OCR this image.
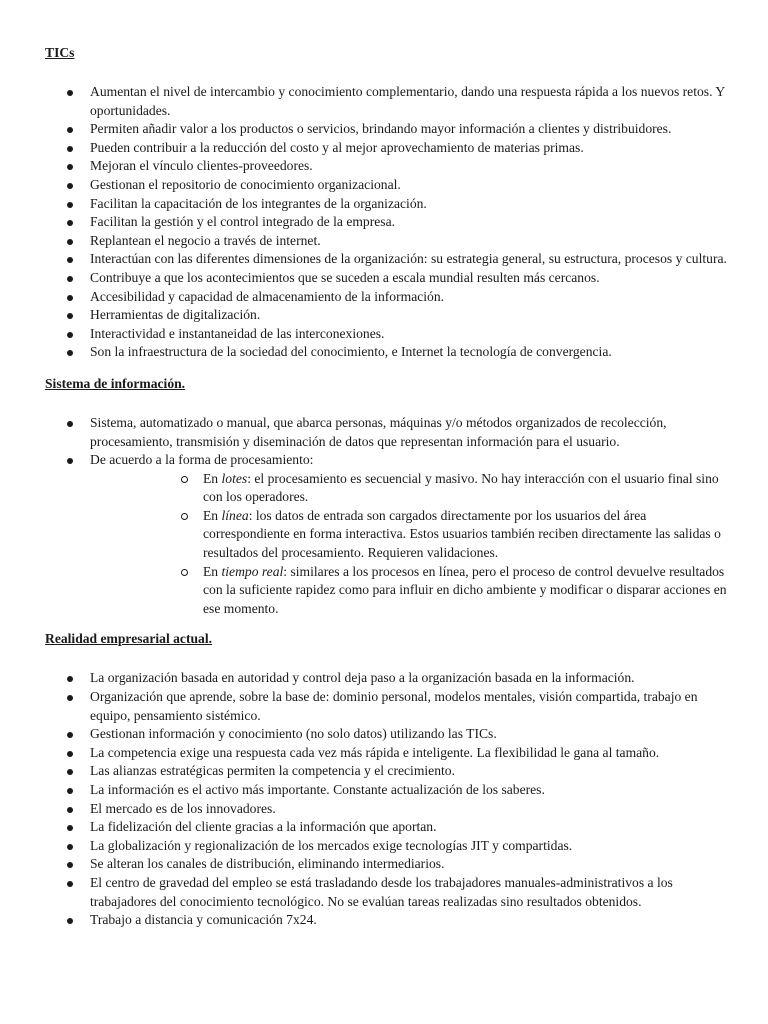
TICs
Aumentan el nivel de intercambio y conocimiento complementario, dando una respuesta rápida a los nuevos retos. Y oportunidades.
Permiten añadir valor a los productos o servicios, brindando mayor información a clientes y distribuidores.
Pueden contribuir a la reducción del costo y al mejor aprovechamiento de materias primas.
Mejoran el vínculo clientes-proveedores.
Gestionan el repositorio de conocimiento organizacional.
Facilitan la capacitación de los integrantes de la organización.
Facilitan la gestión y el control integrado de la empresa.
Replantean el negocio a través de internet.
Interactúan con las diferentes dimensiones de la organización: su estrategia general, su estructura, procesos y cultura.
Contribuye a que los acontecimientos que se suceden a escala mundial resulten más cercanos.
Accesibilidad y capacidad de almacenamiento de la información.
Herramientas de digitalización.
Interactividad e instantaneidad de las interconexiones.
Son la infraestructura de la sociedad del conocimiento, e Internet la tecnología de convergencia.
Sistema de información.
Sistema, automatizado o manual, que abarca personas, máquinas y/o métodos organizados de recolección, procesamiento, transmisión y diseminación de datos que representan información para el usuario.
De acuerdo a la forma de procesamiento:
En lotes: el procesamiento es secuencial y masivo. No hay interacción con el usuario final sino con los operadores.
En línea: los datos de entrada son cargados directamente por los usuarios del área correspondiente en forma interactiva. Estos usuarios también reciben directamente las salidas o resultados del procesamiento. Requieren validaciones.
En tiempo real: similares a los procesos en línea, pero el proceso de control devuelve resultados con la suficiente rapidez como para influir en dicho ambiente y modificar o disparar acciones en ese momento.
Realidad empresarial actual.
La organización basada en autoridad y control deja paso a la organización basada en la información.
Organización que aprende, sobre la base de: dominio personal, modelos mentales, visión compartida, trabajo en equipo, pensamiento sistémico.
Gestionan información y conocimiento (no solo datos) utilizando las TICs.
La competencia exige una respuesta cada vez más rápida e inteligente. La flexibilidad le gana al tamaño.
Las alianzas estratégicas permiten la competencia y el crecimiento.
La información es el activo más importante. Constante actualización de los saberes.
El mercado es de los innovadores.
La fidelización del cliente gracias a la información que aportan.
La globalización y regionalización de los mercados exige tecnologías JIT y compartidas.
Se alteran los canales de distribución, eliminando intermediarios.
El centro de gravedad del empleo se está trasladando desde los trabajadores manuales-administrativos a los trabajadores del conocimiento tecnológico. No se evalúan tareas realizadas sino resultados obtenidos.
Trabajo a distancia y comunicación 7x24.
